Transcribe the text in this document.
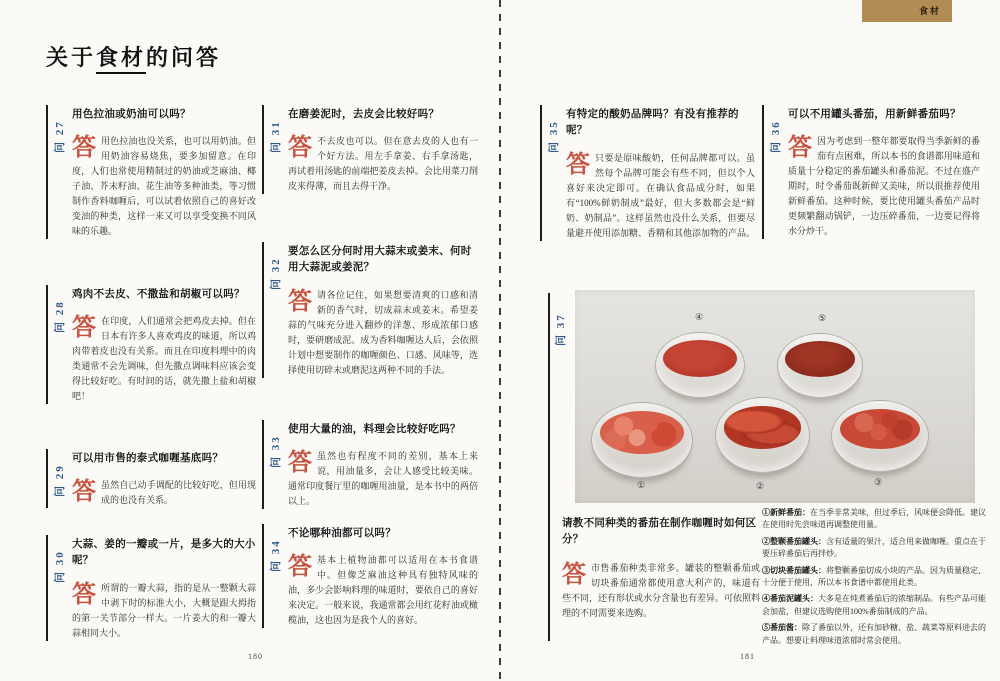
食材
关于食材的问答
问 27
用色拉油或奶油可以吗？

答用色拉油也没关系，也可以用奶油。但用奶油容易烧焦，要多加留意。在印度，人们也常使用精制过的奶油或芝麻油、椰子油、芥末籽油、花生油等多种油类，等习惯制作香料咖喱后，可以试着依照自己的喜好改变油的种类，这样一来又可以享受变换不同风味的乐趣。

问 28
鸡肉不去皮、不撒盐和胡椒可以吗？

答在印度，人们通常会把鸡皮去掉。但在日本有许多人喜欢鸡皮的味道，所以鸡肉带着皮也没有关系。而且在印度料理中的肉类通常不会先调味，但先撒点调味料应该会变得比较好吃。有时间的话，就先撒上盐和胡椒吧！

问 29
可以用市售的泰式咖喱基底吗？

答虽然自己动手调配的比较好吃，但用现成的也没有关系。

问 30
大蒜、姜的一瓣或一片，是多大的大小呢？

答所谓的一瓣大蒜，指的是从一整颗大蒜中剥下时的标准大小，大概是跟大拇指的第一关节部分一样大。一片姜大的和一瓣大蒜相同大小。

问 31
在磨姜泥时，去皮会比较好吗？

答不去皮也可以。但在意去皮的人也有一个好方法。用左手拿姜、右手拿汤匙，再试着用汤匙的前端把姜皮去掉。会比用菜刀削皮来得薄，而且去得干净。

问 32
要怎么区分何时用大蒜末或姜末、何时用大蒜泥或姜泥？

答请各位记住，如果想要清爽的口感和清新的香气时，切成蒜末或姜末。希望姜蒜的气味充分进入翻炒的洋葱、形成浓郁口感时，要研磨成泥。成为香料咖喱达人后，会依照计划中想要制作的咖喱颜色、口感、风味等，选择使用切碎末或磨泥这两种不同的手法。

问 33
使用大量的油，料理会比较好吃吗？

答虽然也有程度不同的差别，基本上来说，用油量多，会让人感受比较美味。通常印度餐厅里的咖喱用油量，是本书中的两倍以上。

问 34
不论哪种油都可以吗？

答基本上植物油都可以适用在本书食谱中。但像芝麻油这种具有独特风味的油，多少会影响料理的味道时，要依自己的喜好来决定。一般来说，我通常都会用红花籽油或橄榄油，这也因为是我个人的喜好。

问 35
有特定的酸奶品牌吗？有没有推荐的呢？

答只要是原味酸奶，任何品牌都可以。虽然每个品牌可能会有些不同，但以个人喜好来决定即可。在确认食品成分时，如果有“100%鲜奶制成”最好，但大多数都会是“鲜奶、奶制品”。这样虽然也没什么关系，但要尽量避开使用添加糖、香精和其他添加物的产品。

问 36
可以不用罐头番茄，用新鲜番茄吗？

答因为考虑到一整年都要取得当季新鲜的番茄有点困难，所以本书的食谱都用味道和质量十分稳定的番茄罐头和番茄泥。不过在盛产期时，时令番茄既新鲜又美味，所以很推荐使用新鲜番茄。这种时候，要比使用罐头番茄产品时更频繁翻动锅铲，一边压碎番茄，一边要记得将水分炒干。

问 37	④	⑤
①	②	③
请教不同种类的番茄在制作咖喱时如何区分？

答市售番茄种类非常多。罐装的整颗番茄或切块番茄通常都使用意大利产的，味道有些不同，还有形状或水分含量也有差异。可依照料理的不同需要来选购。

①新鲜番茄：在当季非常美味，但过季后，风味便会降低。建议在使用时先尝味道再调整使用量。

②整颗番茄罐头：含有适量的果汁，适合用来做咖喱。重点在于要压碎番茄后再拌炒。

③切块番茄罐头：将整颗番茄切成小块的产品。因为质量稳定，十分便于使用，所以本书食谱中都使用此类。

④番茄泥罐头：大多是在炖煮番茄后的浓缩制品。有些产品可能会加盐，但建议选购使用100%番茄制成的产品。

⑤番茄酱：除了番茄以外，还有加砂糖、盐、蔬菜等原料进去的产品。想要让料理味道浓郁时常会使用。

180	181
